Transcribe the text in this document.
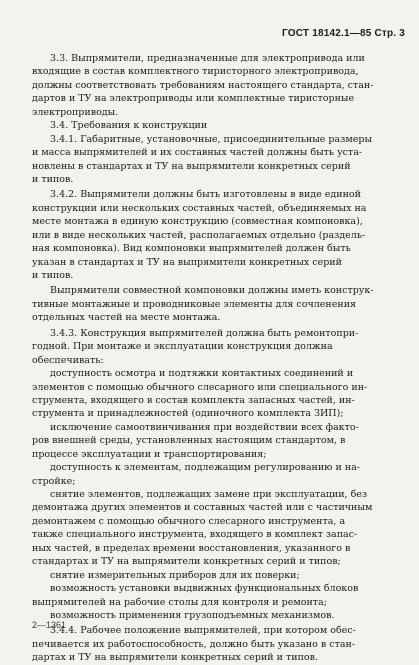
ГОСТ 18142.1—85 Стр. 3
3.3. Выпрямители, предназначенные для электропривода или
входящие в состав комплектного тиристорного электропривода,
должны соответствовать требованиям настоящего стандарта, стан-
дартов и ТУ на электроприводы или комплектные тиристорные
электроприводы.
3.4. Требования к конструкции
3.4.1. Габаритные, установочные, присоединительные размеры
и масса выпрямителей и их составных частей должны быть уста-
новлены в стандартах и ТУ на выпрямители конкретных серий
и типов.
3.4.2. Выпрямители должны быть изготовлены в виде единой
конструкции или нескольких составных частей, объединяемых на
месте монтажа в единую конструкцию (совместная компоновка),
или в виде нескольких частей, располагаемых отдельно (раздель-
ная компоновка). Вид компоновки выпрямителей должен быть
указан в стандартах и ТУ на выпрямители конкретных серий
и типов.
Выпрямители совместной компоновки должны иметь конструк-
тивные монтажные и проводниковые элементы для сочленения
отдельных частей на месте монтажа.
3.4.3. Конструкция выпрямителей должна быть ремонтопри-
годной. При монтаже и эксплуатации конструкция должна
обеспечивать:
доступность осмотра и подтяжки контактных соединений и
элементов с помощью обычного слесарного или специального ин-
струмента, входящего в состав комплекта запасных частей, ин-
струмента и принадлежностей (одиночного комплекта ЗИП);
исключение самоотвинчивания при воздействии всех факто-
ров внешней среды, установленных настоящим стандартом, в
процессе эксплуатации и транспортирования;
доступность к элементам, подлежащим регулированию и на-
стройке;
снятие элементов, подлежащих замене при эксплуатации, без
демонтажа других элементов и составных частей или с частичным
демонтажем с помощью обычного слесарного инструмента, а
также специального инструмента, входящего в комплект запас-
ных частей, в пределах времени восстановления, указанного в
стандартах и ТУ на выпрямители конкретных серий и типов;
снятие измерительных приборов для их поверки;
возможность установки выдвижных функциональных блоков
выпрямителей на рабочие столы для контроля и ремонта;
возможность применения грузоподъемных механизмов.
3.4.4. Рабочее положение выпрямителей, при котором обес-
печивается их работоспособность, должно быть указано в стан-
дартах и ТУ на выпрямители конкретных серий и типов.
2—1361
